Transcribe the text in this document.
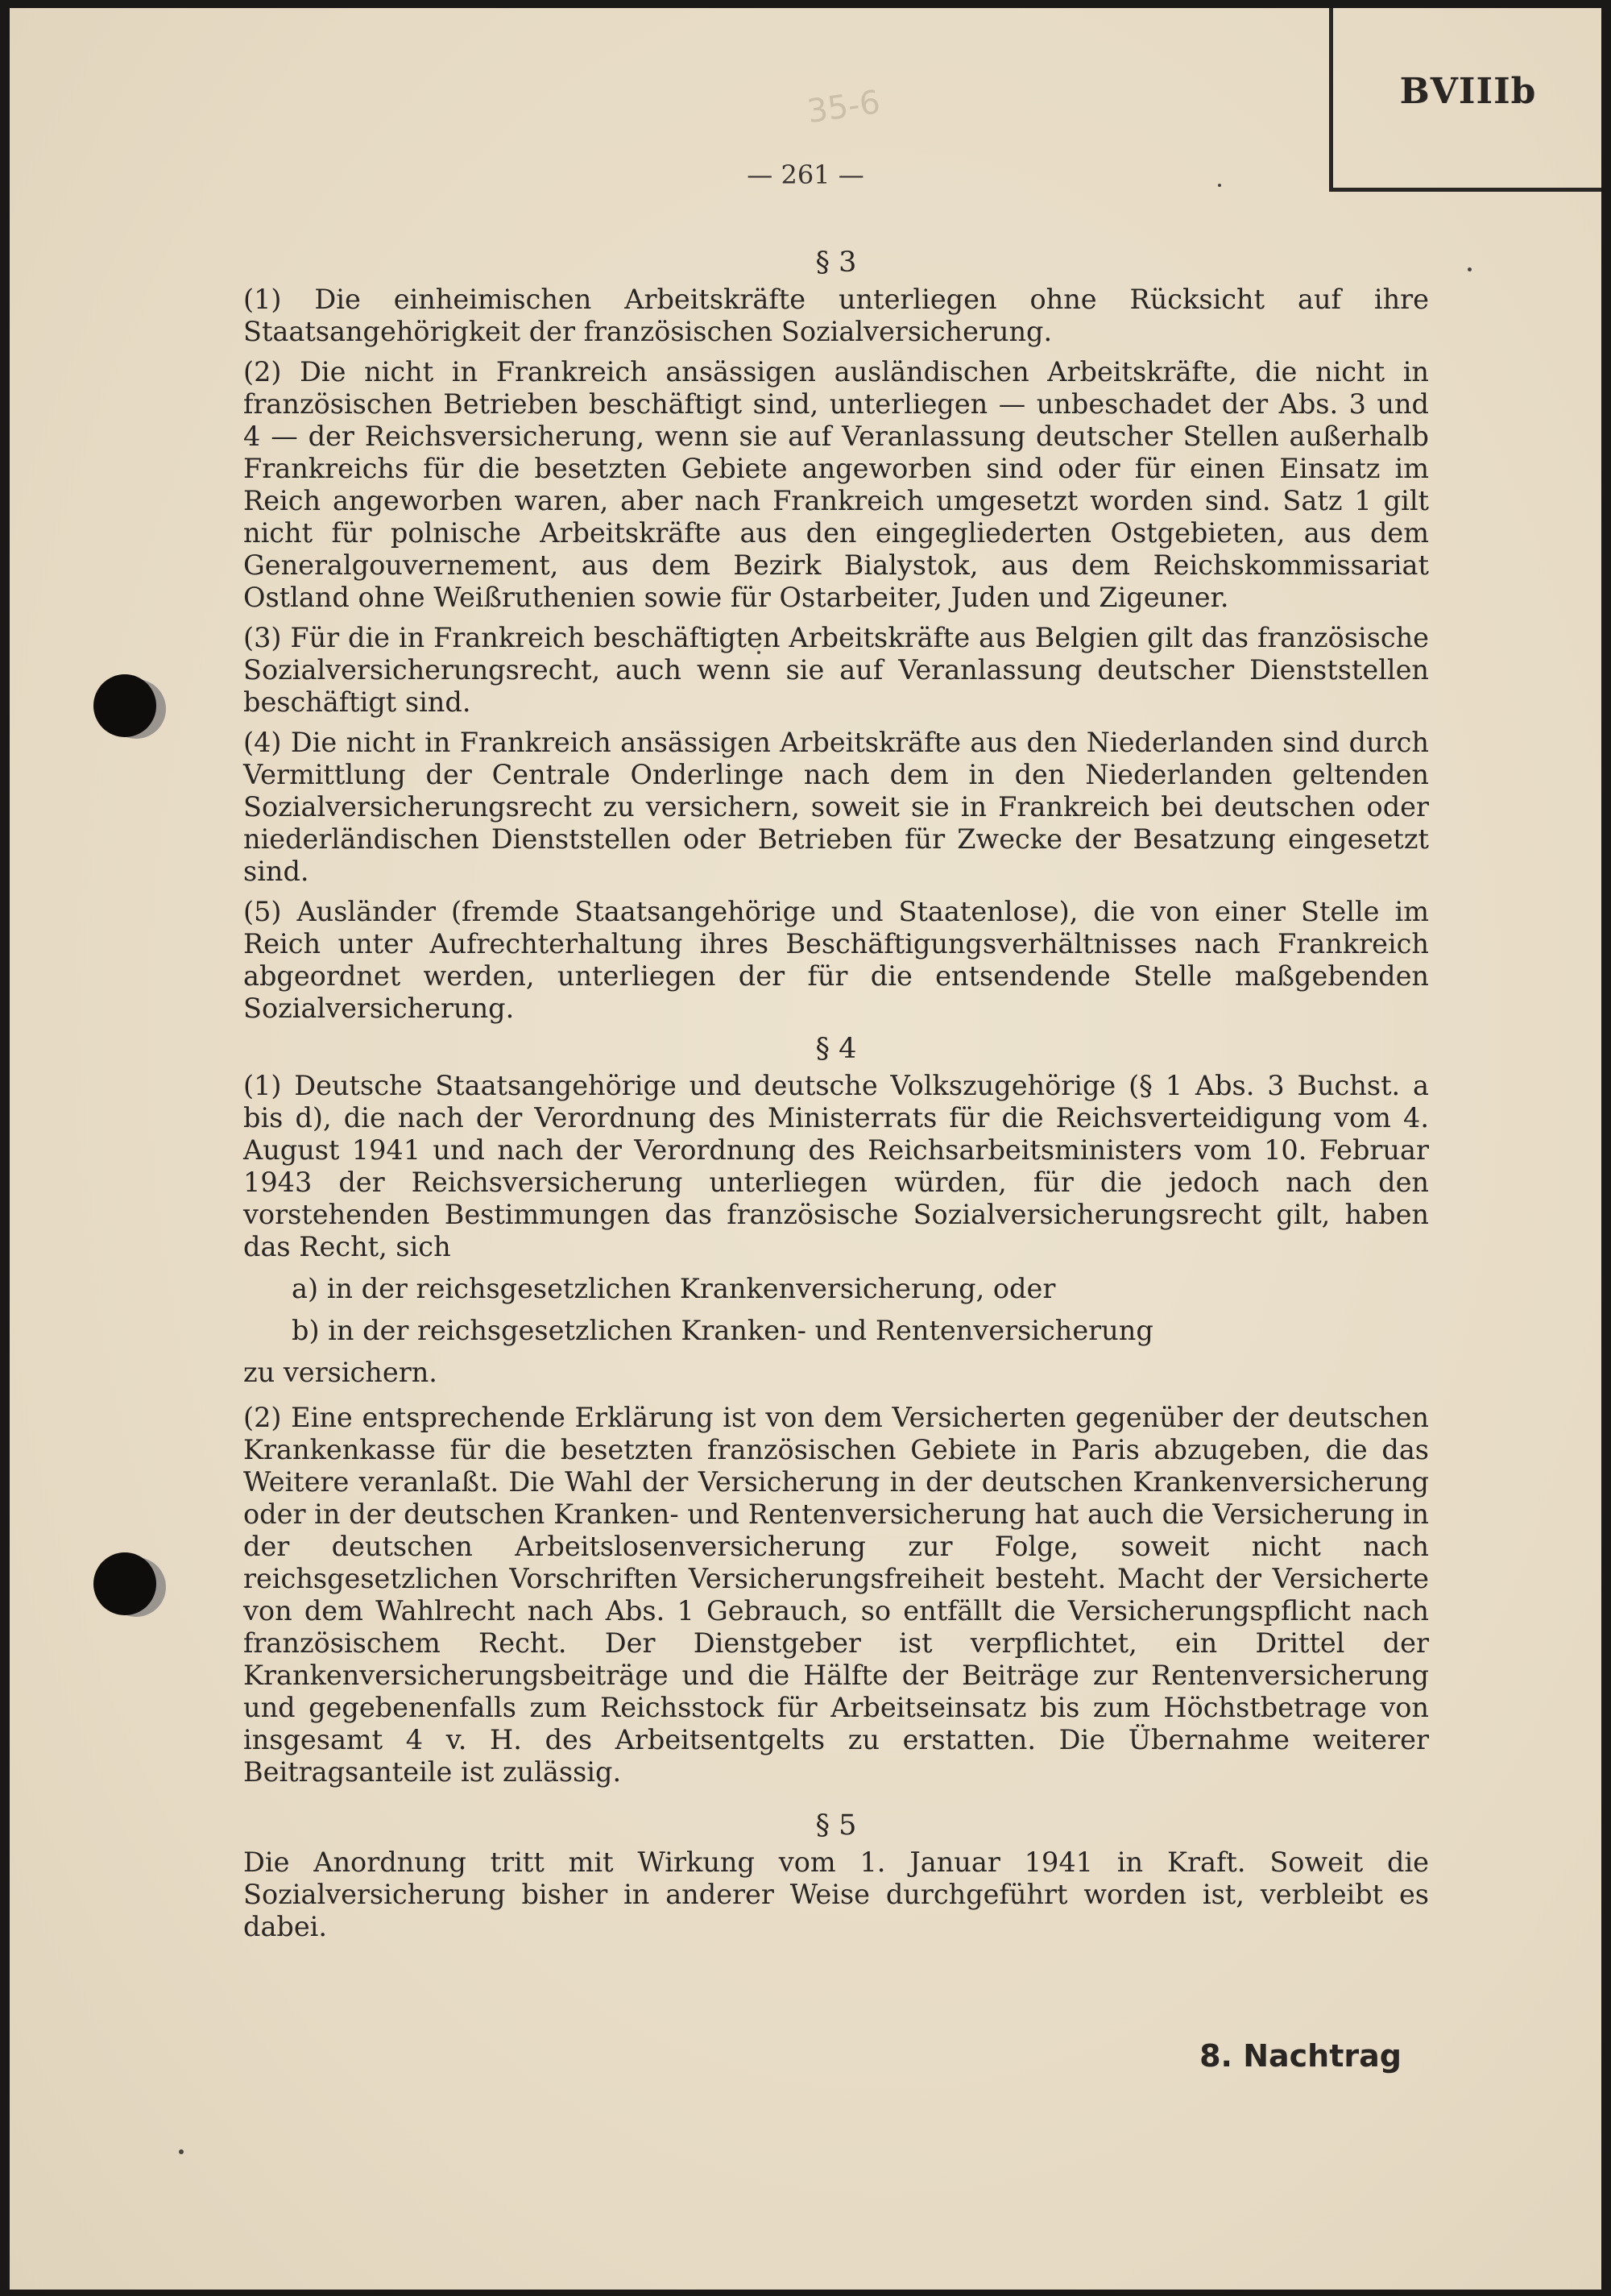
BVIIIb
35-6
— 261 —
§ 3

(1) Die einheimischen Arbeitskräfte unterliegen ohne Rücksicht auf ihre Staatsangehörigkeit der französischen Sozialversicherung.

(2) Die nicht in Frankreich ansässigen ausländischen Arbeitskräfte, die nicht in französischen Betrieben beschäftigt sind, unterliegen — unbeschadet der Abs. 3 und 4 — der Reichsversicherung, wenn sie auf Veranlassung deutscher Stellen außerhalb Frankreichs für die besetzten Gebiete angeworben sind oder für einen Einsatz im Reich angeworben waren, aber nach Frankreich umgesetzt worden sind. Satz 1 gilt nicht für polnische Arbeitskräfte aus den eingegliederten Ostgebieten, aus dem Generalgouvernement, aus dem Bezirk Bialystok, aus dem Reichskommissariat Ostland ohne Weißruthenien sowie für Ostarbeiter, Juden und Zigeuner.

(3) Für die in Frankreich beschäftigten Arbeitskräfte aus Belgien gilt das französische Sozialversicherungsrecht, auch wenn sie auf Veranlassung deutscher Dienststellen beschäftigt sind.

(4) Die nicht in Frankreich ansässigen Arbeitskräfte aus den Niederlanden sind durch Vermittlung der Centrale Onderlinge nach dem in den Niederlanden geltenden Sozialversicherungsrecht zu versichern, soweit sie in Frankreich bei deutschen oder niederländischen Dienststellen oder Betrieben für Zwecke der Besatzung eingesetzt sind.

(5) Ausländer (fremde Staatsangehörige und Staatenlose), die von einer Stelle im Reich unter Aufrechterhaltung ihres Beschäftigungsverhältnisses nach Frankreich abgeordnet werden, unterliegen der für die entsendende Stelle maßgebenden Sozialversicherung.

§ 4

(1) Deutsche Staatsangehörige und deutsche Volkszugehörige (§ 1 Abs. 3 Buchst. a bis d), die nach der Verordnung des Ministerrats für die Reichsverteidigung vom 4. August 1941 und nach der Verordnung des Reichsarbeitsministers vom 10. Februar 1943 der Reichsversicherung unterliegen würden, für die jedoch nach den vorstehenden Bestimmungen das französische Sozialversicherungsrecht gilt, haben das Recht, sich

a) in der reichsgesetzlichen Krankenversicherung, oder
b) in der reichsgesetzlichen Kranken- und Rentenversicherung
zu versichern.

(2) Eine entsprechende Erklärung ist von dem Versicherten gegenüber der deutschen Krankenkasse für die besetzten französischen Gebiete in Paris abzugeben, die das Weitere veranlaßt. Die Wahl der Versicherung in der deutschen Krankenversicherung oder in der deutschen Kranken- und Rentenversicherung hat auch die Versicherung in der deutschen Arbeitslosenversicherung zur Folge, soweit nicht nach reichsgesetzlichen Vorschriften Versicherungsfreiheit besteht. Macht der Versicherte von dem Wahlrecht nach Abs. 1 Gebrauch, so entfällt die Versicherungspflicht nach französischem Recht. Der Dienstgeber ist verpflichtet, ein Drittel der Krankenversicherungsbeiträge und die Hälfte der Beiträge zur Rentenversicherung und gegebenenfalls zum Reichsstock für Arbeitseinsatz bis zum Höchstbetrage von insgesamt 4 v. H. des Arbeitsentgelts zu erstatten. Die Übernahme weiterer Beitragsanteile ist zulässig.

§ 5

Die Anordnung tritt mit Wirkung vom 1. Januar 1941 in Kraft. Soweit die Sozialversicherung bisher in anderer Weise durchgeführt worden ist, verbleibt es dabei.

8. Nachtrag
